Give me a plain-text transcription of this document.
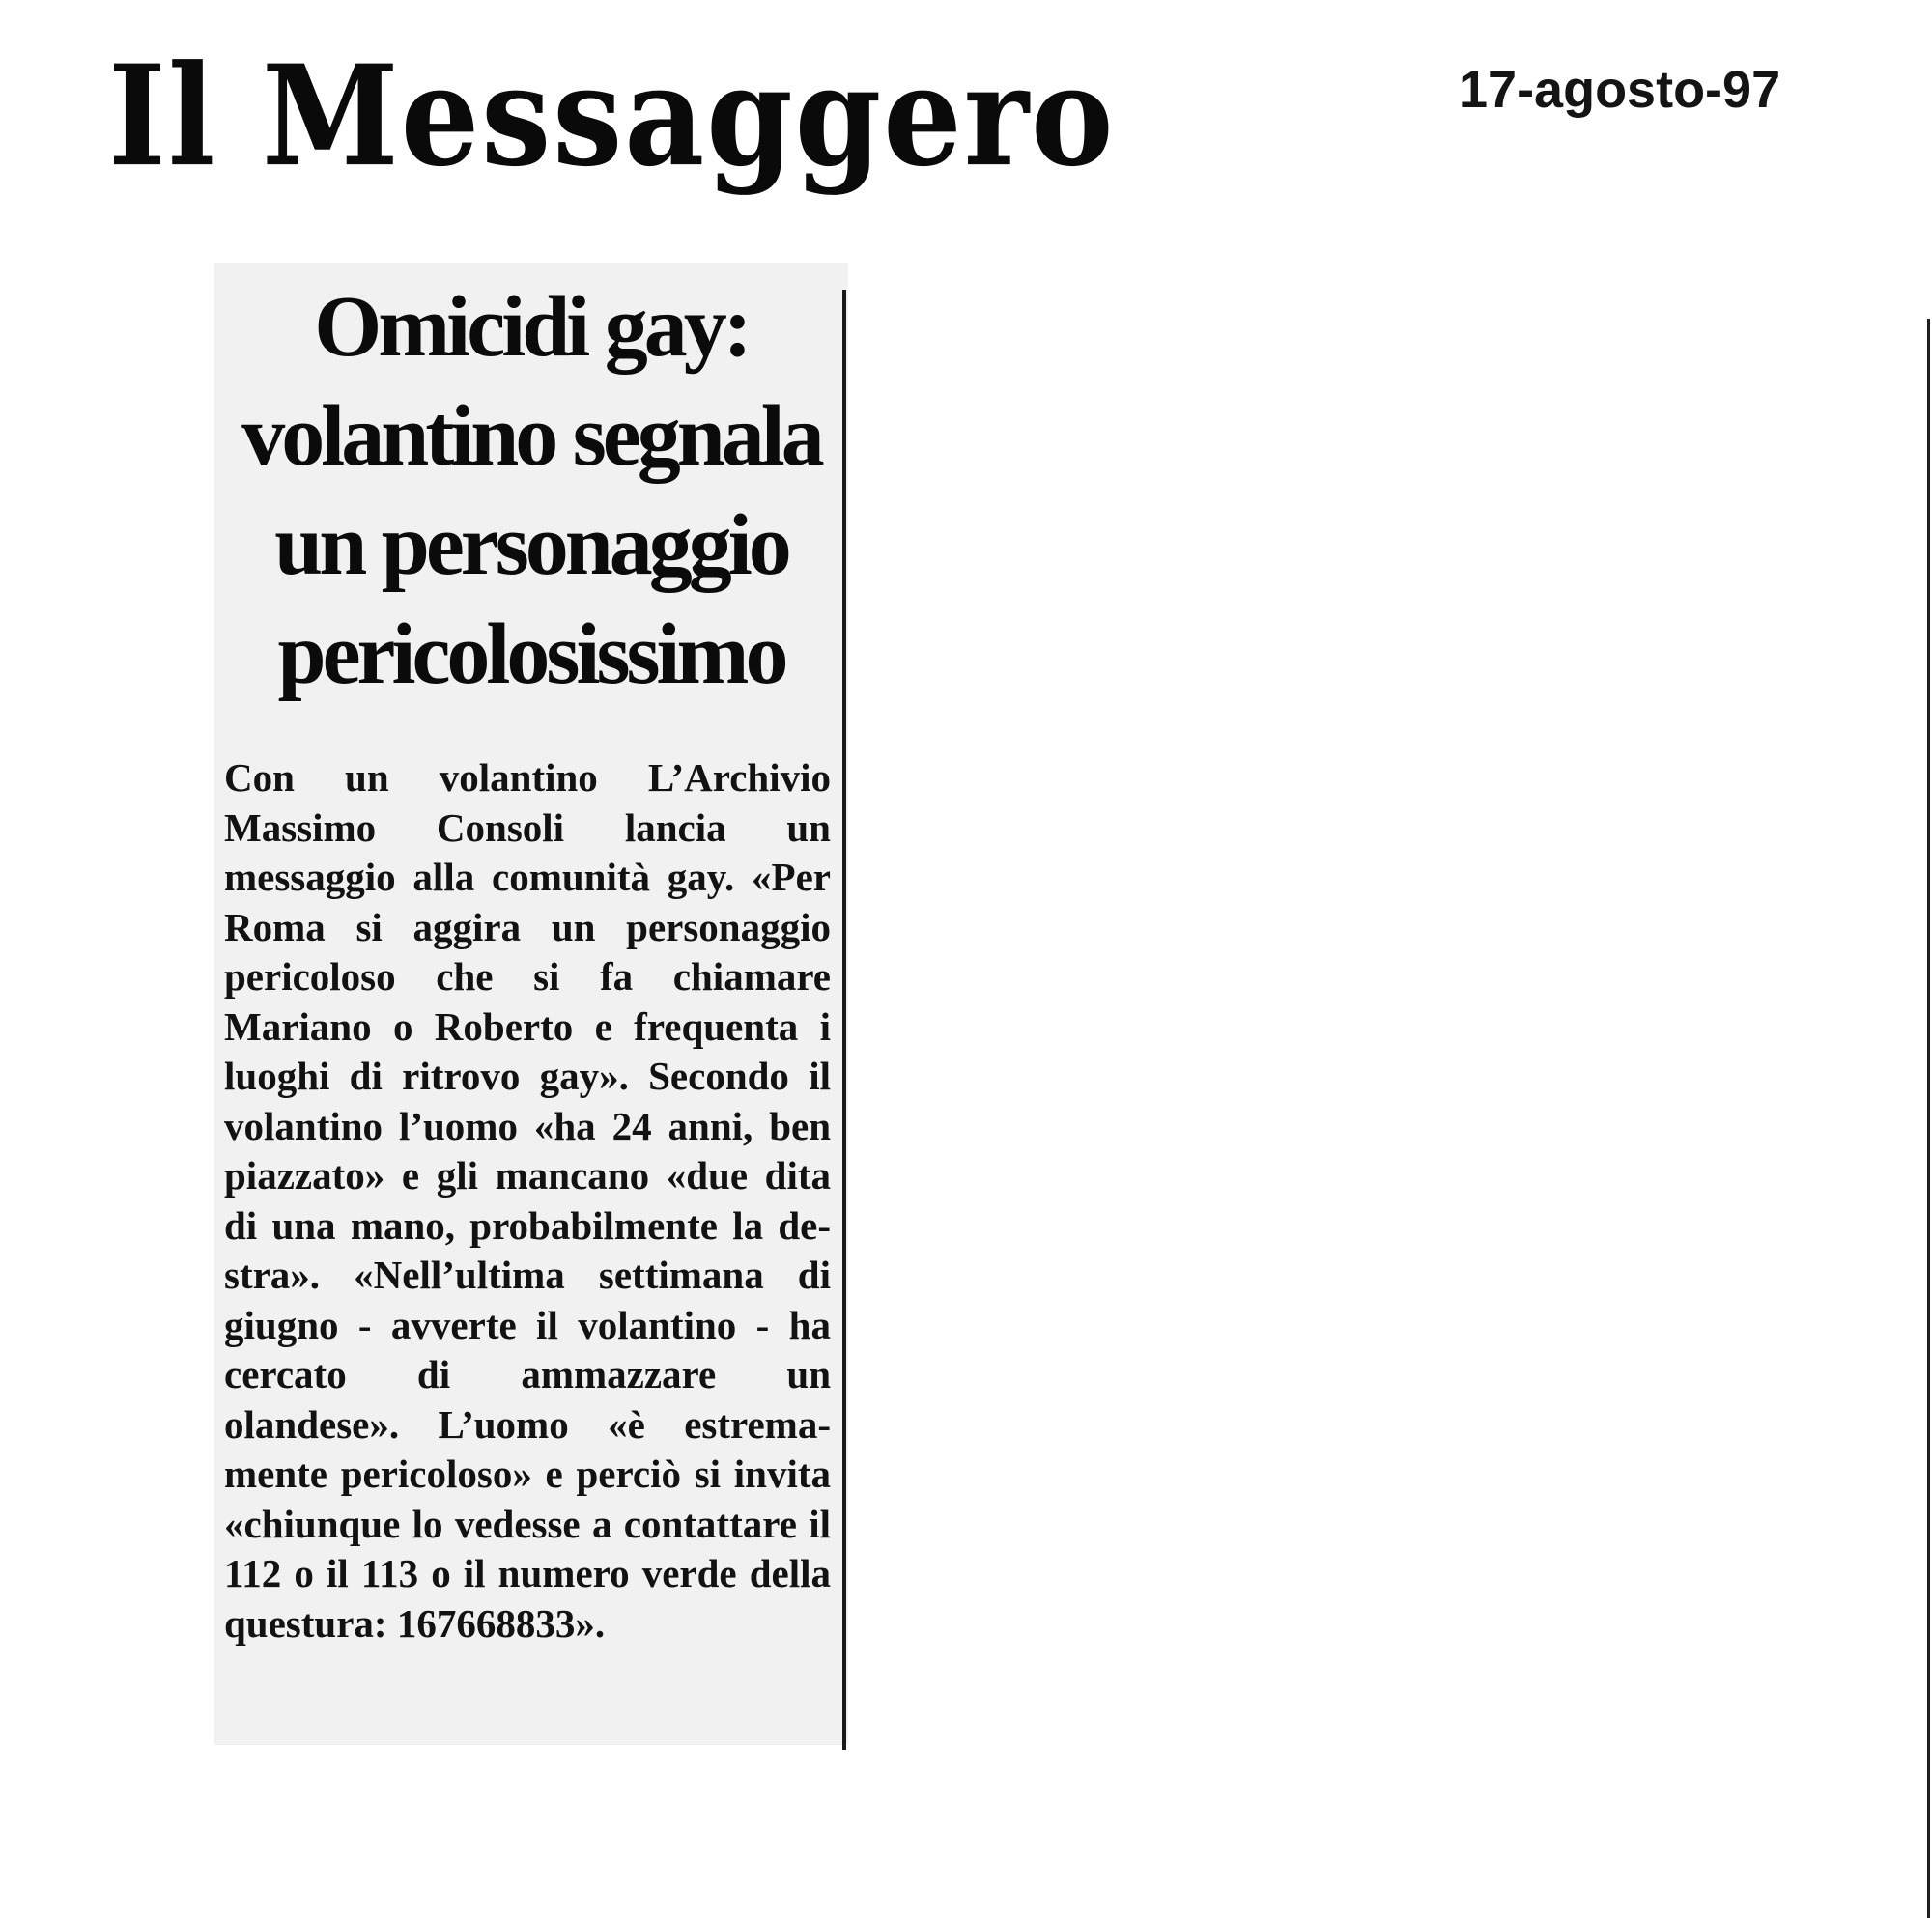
Il Messaggero	17-agosto-97

Omicidi gay: volantino segnala un personaggio pericolosissimo

Con un volantino L’Archivio Massimo Consoli lancia un messaggio alla comunità gay. «Per Roma si aggira un personaggio pericoloso che si fa chiamare Mariano o Roberto e frequenta i luoghi di ritrovo gay». Secondo il volantino l’uomo «ha 24 anni, ben piazzato» e gli mancano «due dita di una mano, probabilmente la destra». «Nell’ultima settimana di giugno - avverte il volantino - ha cercato di ammazzare un olandese». L’uomo «è estremamente pericoloso» e perciò si invita «chiunque lo vedesse a contattare il 112 o il 113 o il numero verde della questura: 167668833».
